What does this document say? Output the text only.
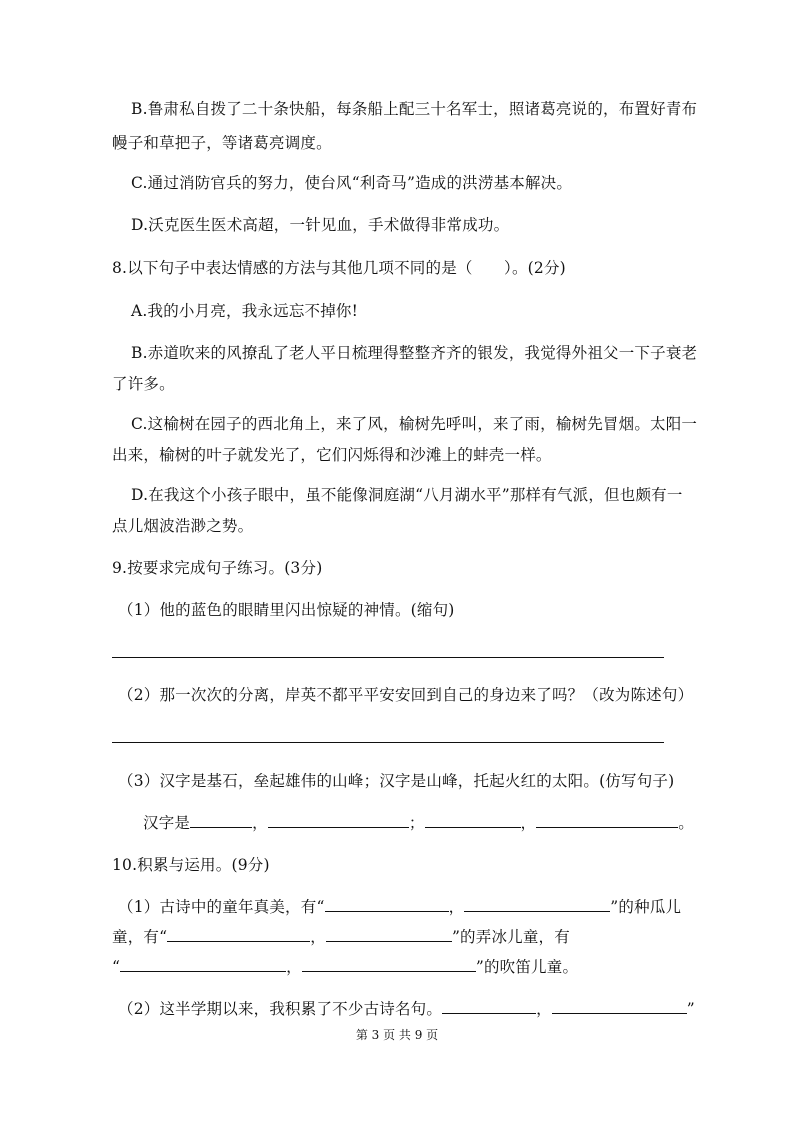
B.鲁肃私自拨了二十条快船，每条船上配三十名军士，照诸葛亮说的，布置好青布
幔子和草把子，等诸葛亮调度。
C.通过消防官兵的努力，使台风“利奇马”造成的洪涝基本解决。
D.沃克医生医术高超，一针见血，手术做得非常成功。
8.以下句子中表达情感的方法与其他几项不同的是（　　）。(2分)
A.我的小月亮，我永远忘不掉你!
B.赤道吹来的风撩乱了老人平日梳理得整整齐齐的银发，我觉得外祖父一下子衰老
了许多。
C.这榆树在园子的西北角上，来了风，榆树先呼叫，来了雨，榆树先冒烟。太阳一
出来，榆树的叶子就发光了，它们闪烁得和沙滩上的蚌壳一样。
D.在我这个小孩子眼中，虽不能像洞庭湖“八月湖水平”那样有气派，但也颇有一
点儿烟波浩渺之势。
9.按要求完成句子练习。(3分)
（1）他的蓝色的眼睛里闪出惊疑的神情。(缩句)
（2）那一次次的分离，岸英不都平平安安回到自己的身边来了吗？（改为陈述句）
（3）汉字是基石，垒起雄伟的山峰；汉字是山峰，托起火红的太阳。(仿写句子)
汉字是	，	；	，	。
10.积累与运用。(9分)
（1）古诗中的童年真美，有“	，	”的种瓜儿
童，有“	，	”的弄冰儿童，有
“	，	”的吹笛儿童。
（2）这半学期以来，我积累了不少古诗名句。	，	”
第 3 页 共 9 页
